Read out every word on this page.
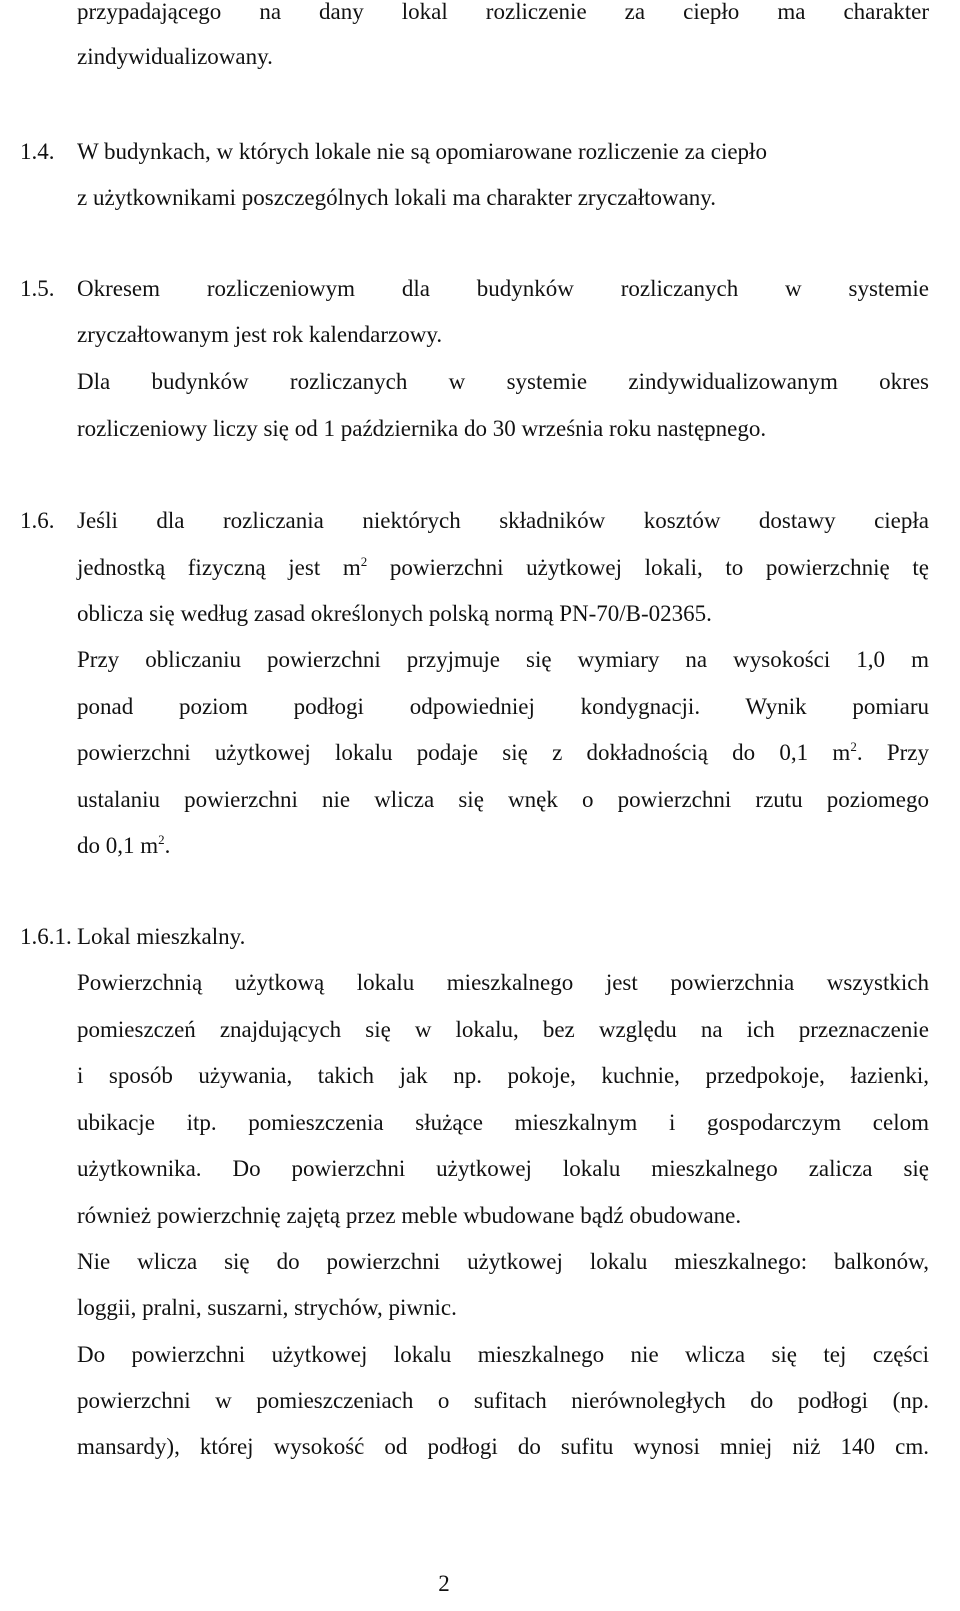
przypadającego na dany lokal rozliczenie za ciepło ma charakter
zindywidualizowany.
1.4. W budynkach, w których lokale nie są opomiarowane rozliczenie za ciepło
z użytkownikami poszczególnych lokali ma charakter zryczałtowany.
1.5. Okresem rozliczeniowym dla budynków rozliczanych w systemie
zryczałtowanym jest rok kalendarzowy.
Dla budynków rozliczanych w systemie zindywidualizowanym okres
rozliczeniowy liczy się od 1 października do 30 września roku następnego.
1.6. Jeśli dla rozliczania niektórych składników kosztów dostawy ciepła
jednostką fizyczną jest $m^2$ powierzchni użytkowej lokali, to powierzchnię tę
oblicza się według zasad określonych polską normą PN-70/B-02365.
Przy obliczaniu powierzchni przyjmuje się wymiary na wysokości 1,0 m
ponad poziom podłogi odpowiedniej kondygnacji. Wynik pomiaru
powierzchni użytkowej lokalu podaje się z dokładnością do 0,1 $m^2$. Przy
ustalaniu powierzchni nie wlicza się wnęk o powierzchni rzutu poziomego
do 0,1 $m^2$.
1.6.1. Lokal mieszkalny.
Powierzchnią użytkową lokalu mieszkalnego jest powierzchnia wszystkich
pomieszczeń znajdujących się w lokalu, bez względu na ich przeznaczenie
i sposób używania, takich jak np. pokoje, kuchnie, przedpokoje, łazienki,
ubikacje itp. pomieszczenia służące mieszkalnym i gospodarczym celom
użytkownika. Do powierzchni użytkowej lokalu mieszkalnego zalicza się
również powierzchnię zajętą przez meble wbudowane bądź obudowane.
Nie wlicza się do powierzchni użytkowej lokalu mieszkalnego: balkonów,
loggii, pralni, suszarni, strychów, piwnic.
Do powierzchni użytkowej lokalu mieszkalnego nie wlicza się tej części
powierzchni w pomieszczeniach o sufitach nierównoległych do podłogi (np.
mansardy), której wysokość od podłogi do sufitu wynosi mniej niż 140 cm.
2
